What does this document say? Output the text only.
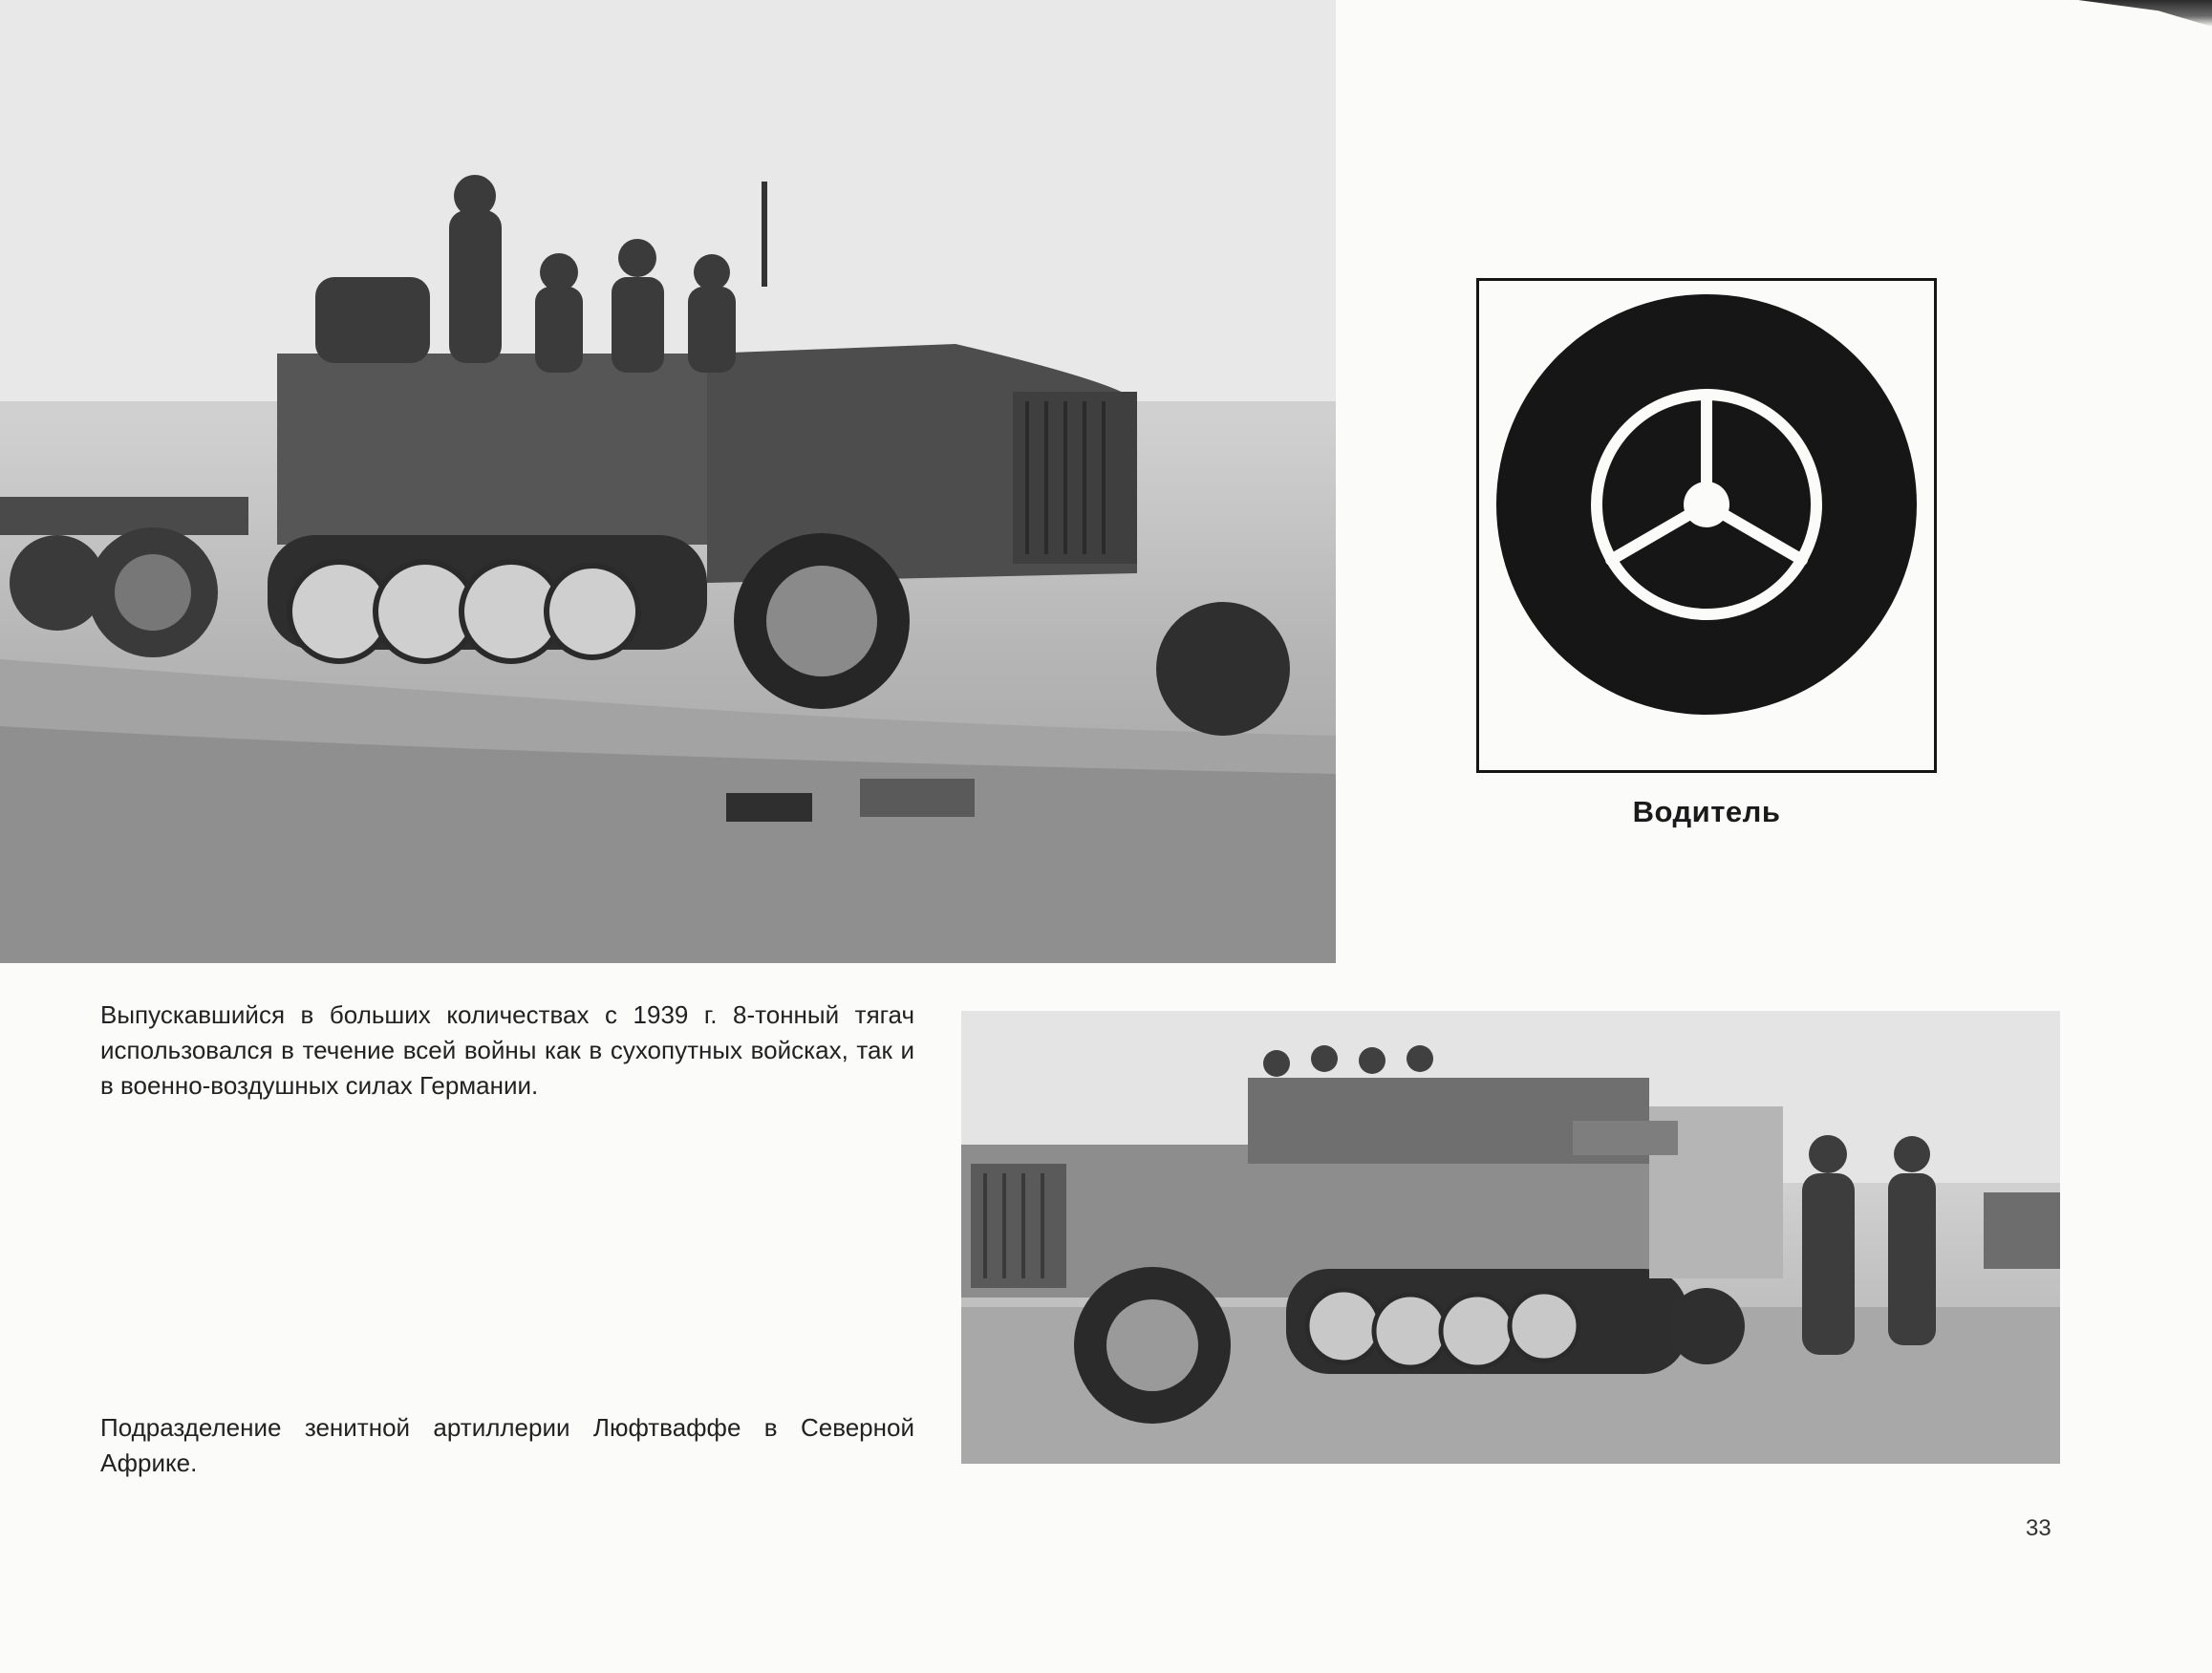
Водитель
Выпускавшийся в больших количествах с 1939 г. 8-тонный тягач использовался в течение всей войны как в сухопутных войсках, так и в военно-воздушных силах Германии.
Подразделение зенитной артиллерии Люфтваффе в Северной Африке.
33
